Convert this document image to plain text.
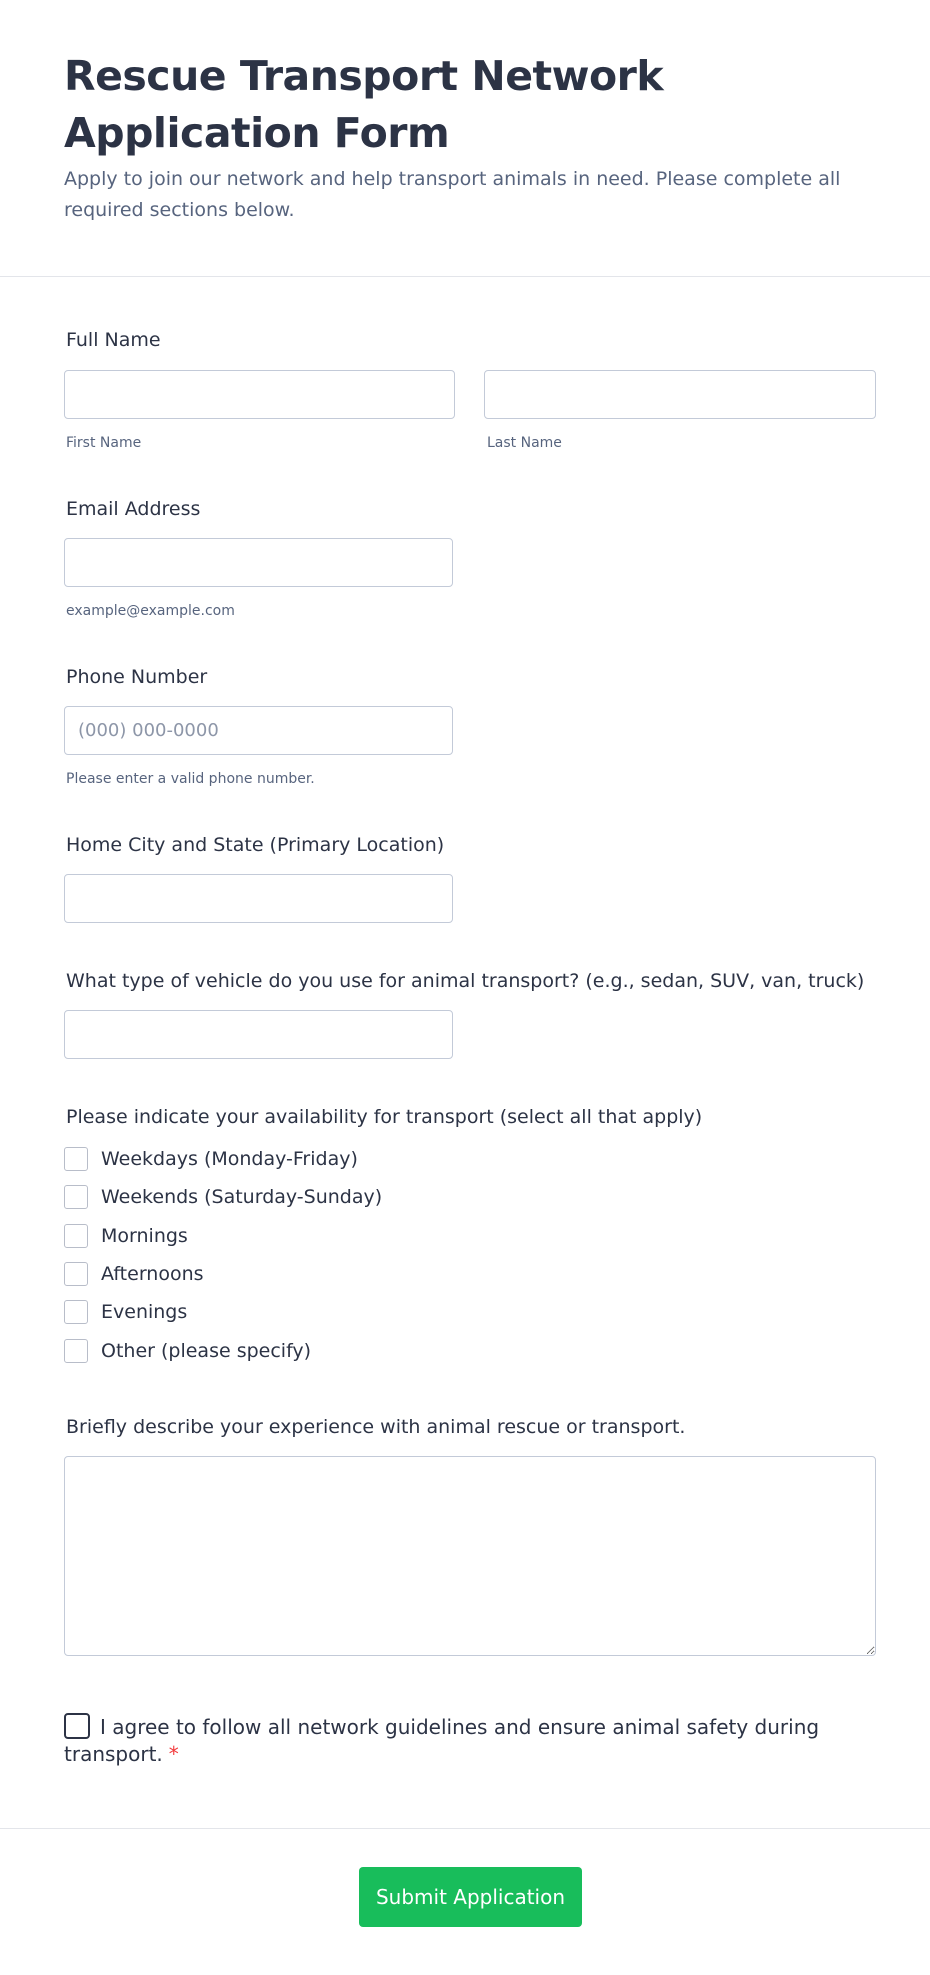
Rescue Transport Network Application Form

Apply to join our network and help transport animals in need. Please complete all required sections below.

Full Name
First Name	Last Name
Email Address
example@example.com
Phone Number
(000) 000-0000
Please enter a valid phone number.
Home City and State (Primary Location)
What type of vehicle do you use for animal transport? (e.g., sedan, SUV, van, truck)
Please indicate your availability for transport (select all that apply)
Weekdays (Monday-Friday)
Weekends (Saturday-Sunday)
Mornings
Afternoons
Evenings
Other (please specify)
Briefly describe your experience with animal rescue or transport.
I agree to follow all network guidelines and ensure animal safety during transport. *
Submit Application
